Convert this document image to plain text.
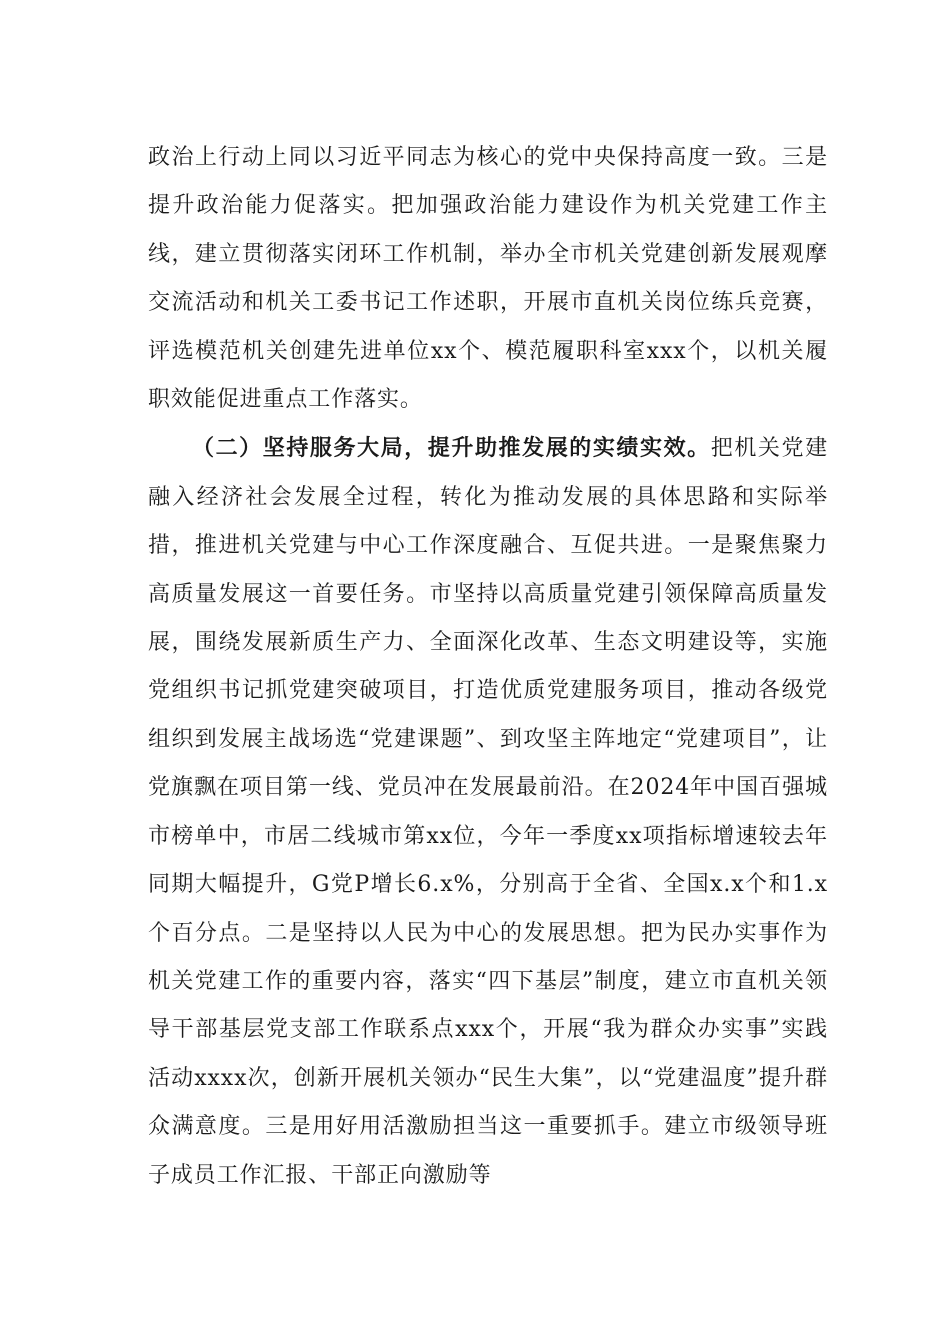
政治上行动上同以习近平同志为核心的党中央保持高度一致。三是提升政治能力促落实。把加强政治能力建设作为机关党建工作主线，建立贯彻落实闭环工作机制，举办全市机关党建创新发展观摩交流活动和机关工委书记工作述职，开展市直机关岗位练兵竞赛，评选模范机关创建先进单位xx个、模范履职科室xxx个，以机关履职效能促进重点工作落实。

（二）坚持服务大局，提升助推发展的实绩实效。把机关党建融入经济社会发展全过程，转化为推动发展的具体思路和实际举措，推进机关党建与中心工作深度融合、互促共进。一是聚焦聚力高质量发展这一首要任务。市坚持以高质量党建引领保障高质量发展，围绕发展新质生产力、全面深化改革、生态文明建设等，实施党组织书记抓党建突破项目，打造优质党建服务项目，推动各级党组织到发展主战场选“党建课题”、到攻坚主阵地定“党建项目”，让党旗飘在项目第一线、党员冲在发展最前沿。在2024年中国百强城市榜单中，市居二线城市第xx位，今年一季度xx项指标增速较去年同期大幅提升，G党P增长6.x%，分别高于全省、全国x.x个和1.x个百分点。二是坚持以人民为中心的发展思想。把为民办实事作为机关党建工作的重要内容，落实“四下基层”制度，建立市直机关领导干部基层党支部工作联系点xxx个，开展“我为群众办实事”实践活动xxxx次，创新开展机关领办“民生大集”，以“党建温度”提升群众满意度。三是用好用活激励担当这一重要抓手。建立市级领导班子成员工作汇报、干部正向激励等
